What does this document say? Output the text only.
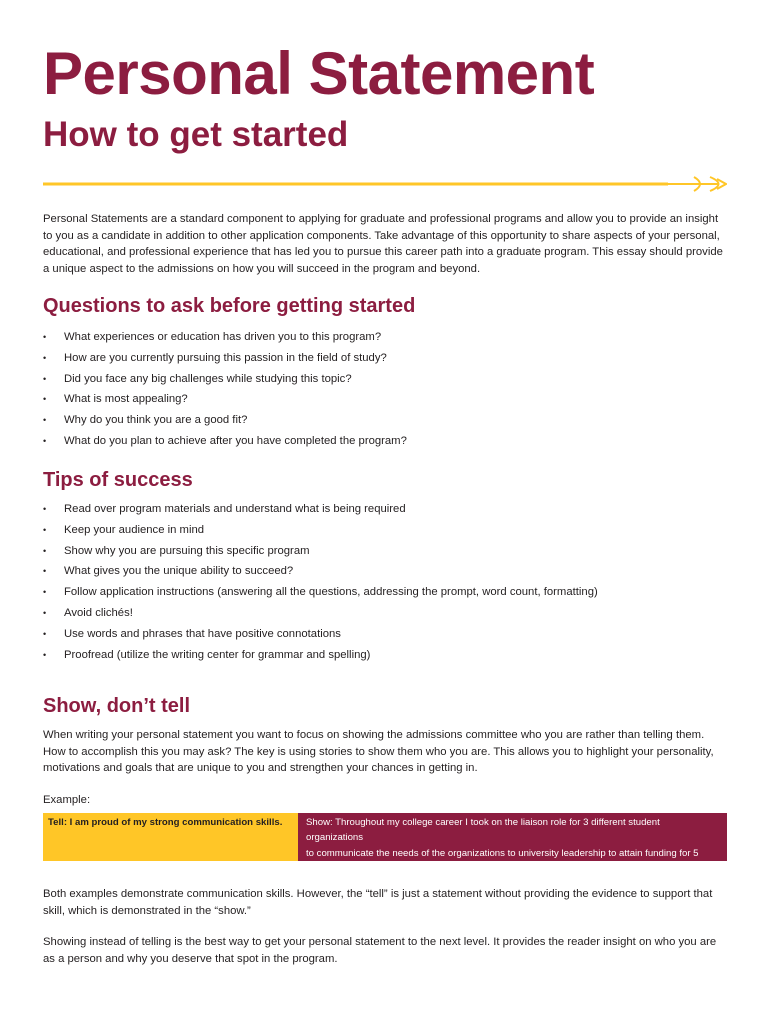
Personal Statement
How to get started

Personal Statements are a standard component to applying for graduate and professional programs and allow you to provide an insight to you as a candidate in addition to other application components. Take advantage of this opportunity to share aspects of your personal, educational, and professional experience that has led you to pursue this career path into a graduate program. This essay should provide a unique aspect to the admissions on how you will succeed in the program and beyond.

Questions to ask before getting started
• What experiences or education has driven you to this program?
• How are you currently pursuing this passion in the field of study?
• Did you face any big challenges while studying this topic?
• What is most appealing?
• Why do you think you are a good fit?
• What do you plan to achieve after you have completed the program?
Tips of success
• Read over program materials and understand what is being required
• Keep your audience in mind
• Show why you are pursuing this specific program
• What gives you the unique ability to succeed?
• Follow application instructions (answering all the questions, addressing the prompt, word count, formatting)
• Avoid clichés!
• Use words and phrases that have positive connotations
• Proofread (utilize the writing center for grammar and spelling)
Show, don’t tell

When writing your personal statement you want to focus on showing the admissions committee who you are rather than telling them. How to accomplish this you may ask? The key is using stories to show them who you are. This allows you to highlight your personality, motivations and goals that are unique to you and strengthen your chances in getting in.

Example:

Tell: I am proud of my strong communication skills.	Show: Throughout my college career I took on the liaison role for 3 different student organizations
to communicate the needs of the organizations to university leadership to attain funding for 5
events for the academic year.

Both examples demonstrate communication skills. However, the “tell” is just a statement without providing the evidence to support that skill, which is demonstrated in the “show.”

Showing instead of telling is the best way to get your personal statement to the next level. It provides the reader insight on who you are as a person and why you deserve that spot in the program.
